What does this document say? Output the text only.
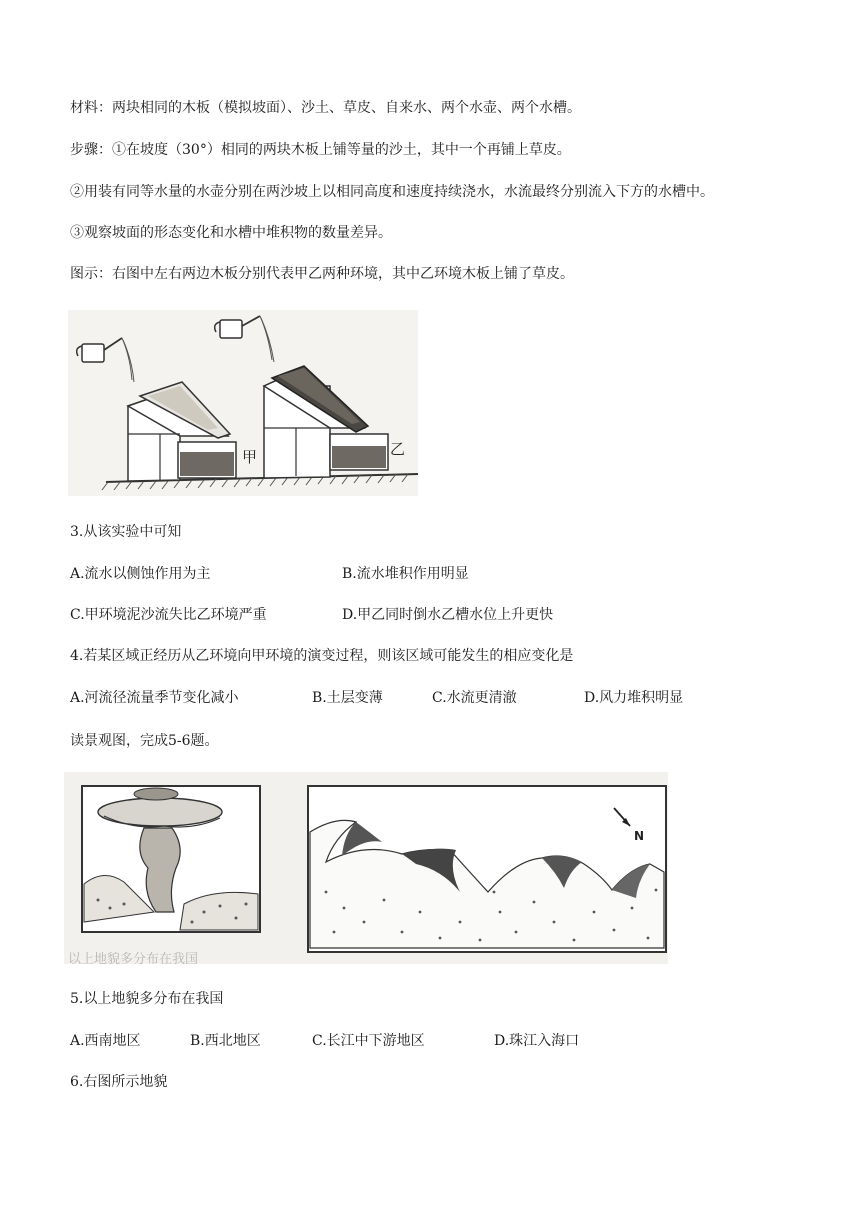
材料：两块相同的木板（模拟坡面）、沙土、草皮、自来水、两个水壶、两个水槽。
步骤：①在坡度（30°）相同的两块木板上铺等量的沙土，其中一个再铺上草皮。
②用装有同等水量的水壶分别在两沙坡上以相同高度和速度持续浇水，水流最终分别流入下方的水槽中。
③观察坡面的形态变化和水槽中堆积物的数量差异。
图示：右图中左右两边木板分别代表甲乙两种环境，其中乙环境木板上铺了草皮。
甲	乙
3.从该实验中可知
A.流水以侧蚀作用为主	B.流水堆积作用明显
C.甲环境泥沙流失比乙环境严重	D.甲乙同时倒水乙槽水位上升更快
4.若某区域正经历从乙环境向甲环境的演变过程，则该区域可能发生的相应变化是
A.河流径流量季节变化减小	B.土层变薄	C.水流更清澈	D.风力堆积明显
读景观图，完成5-6题。
N
以上地貌多分布在我国
5.以上地貌多分布在我国
A.西南地区	B.西北地区	C.长江中下游地区	D.珠江入海口
6.右图所示地貌
